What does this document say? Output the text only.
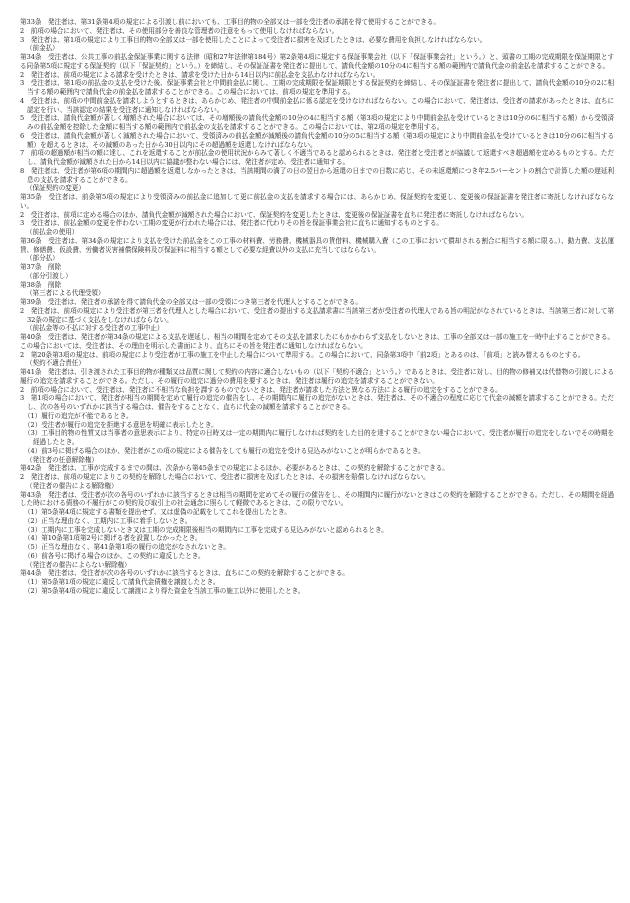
第33条　発注者は、第31条第4項の規定による引渡し前においても、工事目的物の全部又は一部を受注者の承諾を得て使用することができる。

2　前項の場合において、発注者は、その使用部分を善良な管理者の注意をもって使用しなければならない。

3　発注者は、第1項の規定により工事目的物の全部又は一部を使用したことによって受注者に損害を及ぼしたときは、必要な費用を負担しなければならない。

（前金払）

第34条　受注者は、公共工事の前払金保証事業に関する法律（昭和27年法律第184号）第2条第4項に規定する保証事業会社（以下「保証事業会社」という。）と、頭書の工期の完成期限を保証期限とする同条第5項に規定する保証契約（以下「保証契約」という。）を締結し、その保証証書を発注者に提出して、請負代金額の10分の4に相当する額の範囲内で請負代金の前金払を請求することができる。

2　発注者は、前項の規定による請求を受けたときは、請求を受けた日から14日以内に前払金を支払わなければならない。

3　受注者は、第1項の前払金の支払を受けた後、保証事業会社と中間前金払に関し、工期の完成期限を保証期限とする保証契約を締結し、その保証証書を発注者に提出して、請負代金額の10分の2に相当する額の範囲内で請負代金の前金払を請求することができる。この場合においては、前項の規定を準用する。

4　受注者は、前項の中間前金払を請求しようとするときは、あらかじめ、発注者の中間前金払に係る認定を受けなければならない。この場合において、発注者は、受注者の請求があったときは、直ちに認定を行い、当該認定の結果を受注者に通知しなければならない。

5　受注者は、請負代金額が著しく増額された場合においては、その増額後の請負代金額の10分の4に相当する額（第3項の規定により中間前金払を受けているときは10分の6に相当する額）から受領済みの前払金額を控除した金額に相当する額の範囲内で前払金の支払を請求することができる。この場合においては、第2項の規定を準用する。

6　受注者は、請負代金額が著しく減額された場合において、受領済みの前払金額が減額後の請負代金額の10分の5に相当する額（第3項の規定により中間前金払を受けているときは10分の6に相当する額）を超えるときは、その減額のあった日から30日以内にその超過額を返還しなければならない。

7　前項の超過額が相当の額に達し、これを返還することが前払金の使用状況からみて著しく不適当であると認められるときは、発注者と受注者とが協議して返還すべき超過額を定めるものとする。ただし、請負代金額が減額された日から14日以内に協議が整わない場合には、発注者が定め、受注者に通知する。

8　発注者は、受注者が第6項の期間内に超過額を返還しなかったときは、当該期間の満了の日の翌日から返還の日までの日数に応じ、その未返還額につき年2.5パーセントの割合で計算した額の遅延利息の支払を請求することができる。

（保証契約の変更）

第35条　受注者は、前条第5項の規定により受領済みの前払金に追加して更に前払金の支払を請求する場合には、あらかじめ、保証契約を変更し、変更後の保証証書を発注者に寄託しなければならない。

2　受注者は、前項に定める場合のほか、請負代金額が減額された場合において、保証契約を変更したときは、変更後の保証証書を直ちに発注者に寄託しなければならない。

3　受注者は、前払金額の変更を伴わない工期の変更が行われた場合には、発注者に代わりその旨を保証事業会社に直ちに通知するものとする。

（前払金の使用）

第36条　受注者は、第34条の規定により支払を受けた前払金をこの工事の材料費、労務費、機械器具の賃借料、機械購入費（この工事において償却される割合に相当する額に限る。）、動力費、支払運賃、修繕費、仮設費、労働者災害補償保険料及び保証料に相当する額として必要な経費以外の支払に充当してはならない。

（部分払）

第37条　削除

（部分引渡し）

第38条　削除

（第三者による代理受領）

第39条　受注者は、発注者の承諾を得て請負代金の全部又は一部の受領につき第三者を代理人とすることができる。

2　発注者は、前項の規定により受注者が第三者を代理人とした場合において、受注者の提出する支払請求書に当該第三者が受注者の代理人である旨の明記がなされているときは、当該第三者に対して第32条の規定に基づく支払をしなければならない。

（前払金等の不払に対する受注者の工事中止）

第40条　受注者は、発注者が第34条の規定による支払を遅延し、相当の期間を定めてその支払を請求したにもかかわらず支払をしないときは、工事の全部又は一部の施工を一時中止することができる。この場合においては、受注者は、その理由を明示した書面により、直ちにその旨を発注者に通知しなければならない。

2　第20条第3項の規定は、前項の規定により受注者が工事の施工を中止した場合について準用する。この場合において、同条第3項中「前2項」とあるのは、「前項」と読み替えるものとする。

（契約不適合責任）

第41条　発注者は、引き渡された工事目的物が種類又は品質に関して契約の内容に適合しないもの（以下「契約不適合」という。）であるときは、受注者に対し、目的物の修補又は代替物の引渡しによる履行の追完を請求することができる。ただし、その履行の追完に過分の費用を要するときは、発注者は履行の追完を請求することができない。

2　前項の場合において、受注者は、発注者に不相当な負担を課するものでないときは、発注者が請求した方法と異なる方法による履行の追完をすることができる。

3　第1項の場合において、発注者が相当の期間を定めて履行の追完の催告をし、その期間内に履行の追完がないときは、発注者は、その不適合の程度に応じて代金の減額を請求することができる。ただし、次の各号のいずれかに該当する場合は、催告をすることなく、直ちに代金の減額を請求することができる。

（1）履行の追完が不能であるとき。

（2）受注者が履行の追完を拒絶する意思を明確に表示したとき。

（3）工事目的物の性質又は当事者の意思表示により、特定の日時又は一定の期間内に履行しなければ契約をした目的を達することができない場合において、受注者が履行の追完をしないでその時期を経過したとき。

（4）前3号に掲げる場合のほか、発注者がこの項の規定による催告をしても履行の追完を受ける見込みがないことが明らかであるとき。

（発注者の任意解除権）

第42条　発注者は、工事が完成するまでの間は、次条から第45条までの規定によるほか、必要があるときは、この契約を解除することができる。

2　発注者は、前項の規定によりこの契約を解除した場合において、受注者に損害を及ぼしたときは、その損害を賠償しなければならない。

（発注者の催告による解除権）

第43条　発注者は、受注者が次の各号のいずれかに該当するときは相当の期間を定めてその履行の催告をし、その期間内に履行がないときはこの契約を解除することができる。ただし、その期間を経過した時における債務の不履行がこの契約及び取引上の社会通念に照らして軽微であるときは、この限りでない。

（1）第5条第4項に規定する書類を提出せず、又は虚偽の記載をしてこれを提出したとき。

（2）正当な理由なく、工期内に工事に着手しないとき。

（3）工期内に工事を完成しないとき又は工期の完成期限後相当の期間内に工事を完成する見込みがないと認められるとき。

（4）第10条第1項第2号に掲げる者を設置しなかったとき。

（5）正当な理由なく、第41条第1項の履行の追完がなされないとき。

（6）前各号に掲げる場合のほか、この契約に違反したとき。

（発注者の催告によらない解除権）

第44条　発注者は、受注者が次の各号のいずれかに該当するときは、直ちにこの契約を解除することができる。

（1）第5条第1項の規定に違反して請負代金債権を譲渡したとき。

（2）第5条第4項の規定に違反して譲渡により得た資金を当該工事の施工以外に使用したとき。
